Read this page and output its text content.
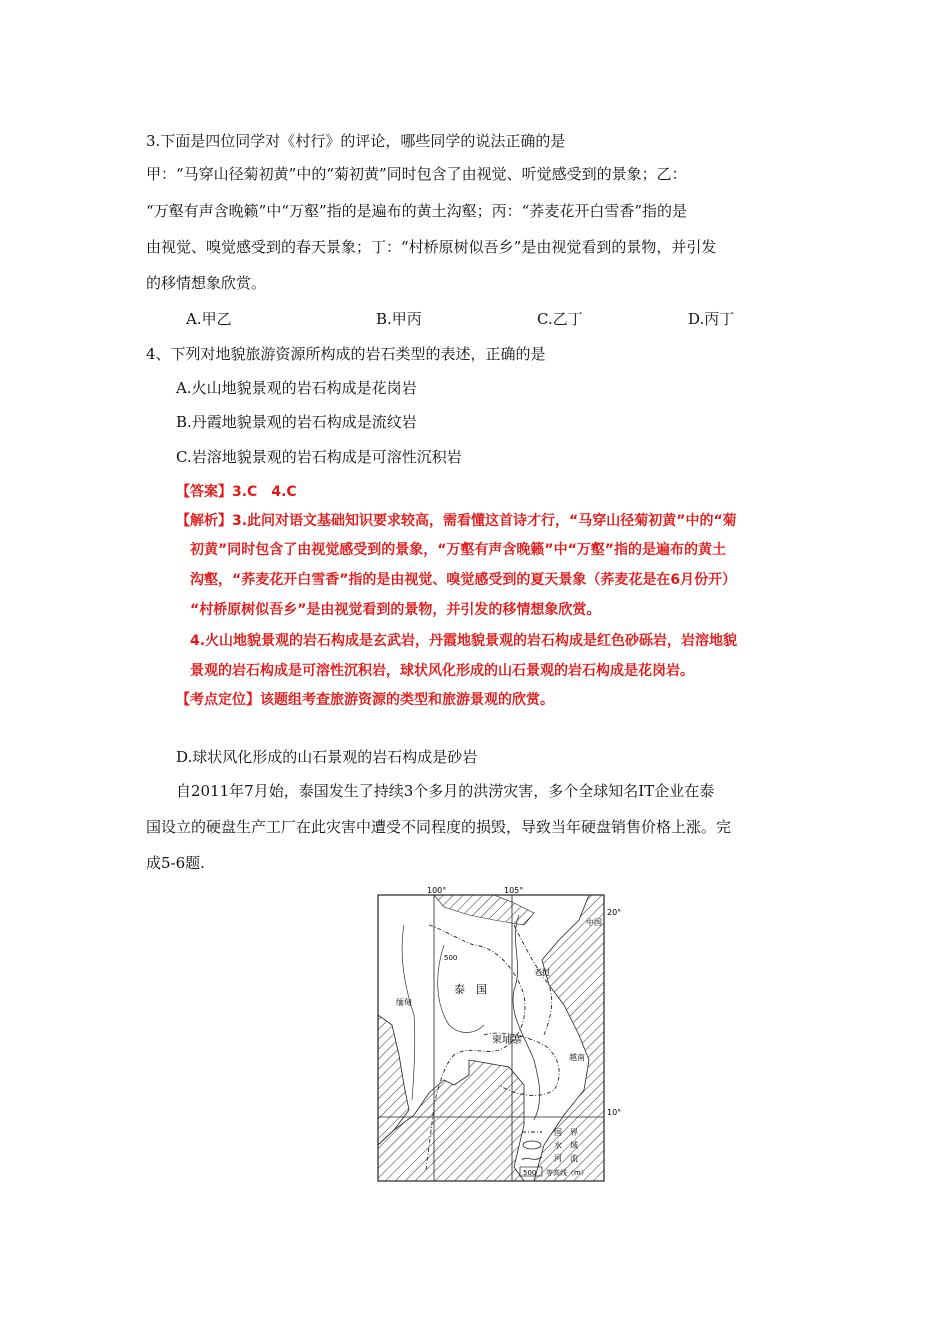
3.下面是四位同学对《村行》的评论，哪些同学的说法正确的是
甲：“马穿山径菊初黄”中的“菊初黄”同时包含了由视觉、听觉感受到的景象；乙：
“万壑有声含晚籁”中“万壑”指的是遍布的黄土沟壑；丙：“荞麦花开白雪香”指的是
由视觉、嗅觉感受到的春天景象；丁：“村桥原树似吾乡”是由视觉看到的景物，并引发
的移情想象欣赏。
A.甲乙	B.甲丙	C.乙丁	D.丙丁
4、下列对地貌旅游资源所构成的岩石类型的表述，正确的是
A.火山地貌景观的岩石构成是花岗岩
B.丹霞地貌景观的岩石构成是流纹岩
C.岩溶地貌景观的岩石构成是可溶性沉积岩
【答案】3.C　4.C
【解析】3.此问对语文基础知识要求较高，需看懂这首诗才行，“马穿山径菊初黄”中的“菊
初黄”同时包含了由视觉感受到的景象，“万壑有声含晚籁”中“万壑”指的是遍布的黄土
沟壑，“荞麦花开白雪香”指的是由视觉、嗅觉感受到的夏天景象（荞麦花是在6月份开）
“村桥原树似吾乡”是由视觉看到的景物，并引发的移情想象欣赏。
4.火山地貌景观的岩石构成是玄武岩，丹霞地貌景观的岩石构成是红色砂砾岩，岩溶地貌
景观的岩石构成是可溶性沉积岩，球状风化形成的山石景观的岩石构成是花岗岩。
【考点定位】该题组考查旅游资源的类型和旅游景观的欣赏。
D.球状风化形成的山石景观的岩石构成是砂岩
自2011年7月始，泰国发生了持续3个多月的洪涝灾害，多个全球知名IT企业在泰
国设立的硬盘生产工厂在此灾害中遭受不同程度的损毁，导致当年硬盘销售价格上涨。完
成5-6题.
100°	105°
20°
10°
泰　国
柬埔寨
中国
老挝
越南
缅甸
500
国　界
水　域
河　流
500 等高线（m）
